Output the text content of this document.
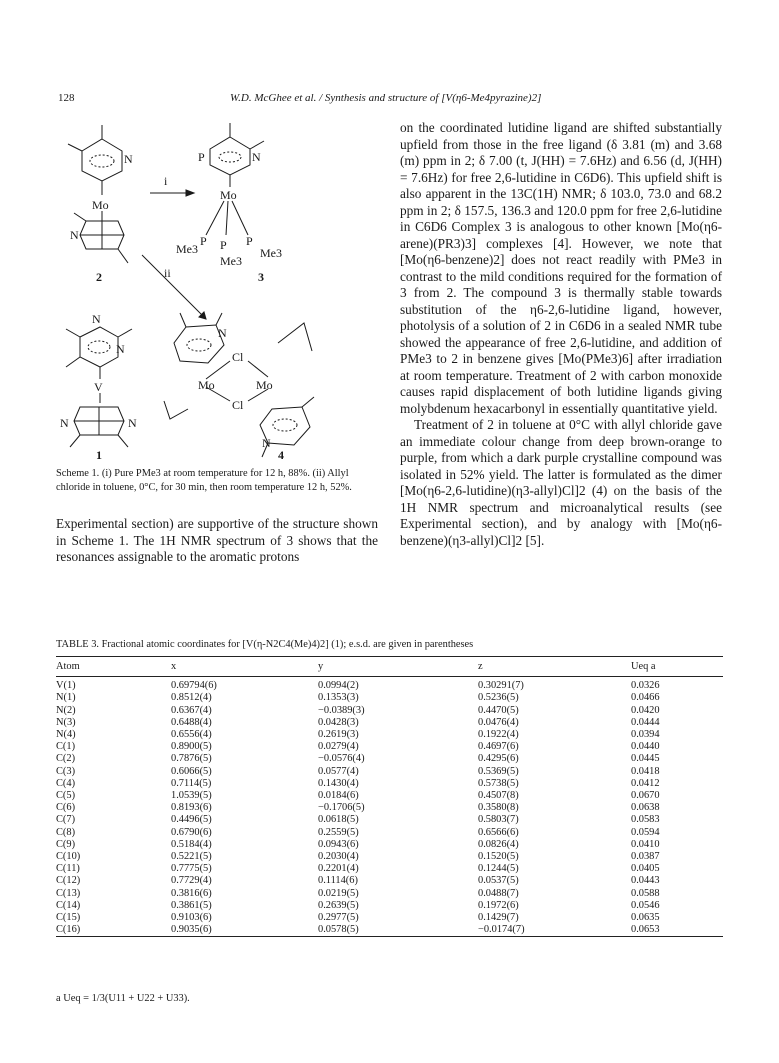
128	W.D. McGhee et al. / Synthesis and structure of [V(η6-Me4pyrazine)2]
N
Mo
N
i
P	N
Mo
P P P
Me3
Me3
Me3
ii
N
N
V
N	N
N
Cl
Mo	Mo
Cl
N
2	3
1	4
Scheme 1. (i) Pure PMe3 at room temperature for 12 h, 88%. (ii) Allyl chloride in toluene, 0°C, for 30 min, then room temperature 12 h, 52%.
Experimental section) are supportive of the structure shown in Scheme 1. The 1H NMR spectrum of 3 shows that the resonances assignable to the aromatic protons

on the coordinated lutidine ligand are shifted substantially upfield from those in the free ligand (δ 3.81 (m) and 3.68 (m) ppm in 2; δ 7.00 (t, J(HH) = 7.6Hz) and 6.56 (d, J(HH) = 7.6Hz) for free 2,6-lutidine in C6D6). This upfield shift is also apparent in the 13C(1H) NMR; δ 103.0, 73.0 and 68.2 ppm in 2; δ 157.5, 136.3 and 120.0 ppm for free 2,6-lutidine in C6D6 Complex 3 is analogous to other known [Mo(η6-arene)(PR3)3] complexes [4]. However, we note that [Mo(η6-benzene)2] does not react readily with PMe3 in contrast to the mild conditions required for the formation of 3 from 2. The compound 3 is thermally stable towards substitution of the η6-2,6-lutidine ligand, however, photolysis of a solution of 2 in C6D6 in a sealed NMR tube showed the appearance of free 2,6-lutidine, and addition of PMe3 to 2 in benzene gives [Mo(PMe3)6] after irradiation at room temperature. Treatment of 2 with carbon monoxide causes rapid displacement of both lutidine ligands giving molybdenum hexacarbonyl in essentially quantitative yield.

Treatment of 2 in toluene at 0°C with allyl chloride gave an immediate colour change from deep brown-orange to purple, from which a dark purple crystalline compound was isolated in 52% yield. The latter is formulated as the dimer [Mo(η6-2,6-lutidine)(η3-allyl)Cl]2 (4) on the basis of the 1H NMR spectrum and microanalytical results (see Experimental section), and by analogy with [Mo(η6-benzene)(η3-allyl)Cl]2 [5].

TABLE 3. Fractional atomic coordinates for [V(η-N2C4(Me)4)2] (1); e.s.d. are given in parentheses
Atom	x	y	z	Ueq a
V(1)	0.69794(6)	0.0994(2)	0.30291(7)	0.0326
N(1)	0.8512(4)	0.1353(3)	0.5236(5)	0.0466
N(2)	0.6367(4)	−0.0389(3)	0.4470(5)	0.0420
N(3)	0.6488(4)	0.0428(3)	0.0476(4)	0.0444
N(4)	0.6556(4)	0.2619(3)	0.1922(4)	0.0394
C(1)	0.8900(5)	0.0279(4)	0.4697(6)	0.0440
C(2)	0.7876(5)	−0.0576(4)	0.4295(6)	0.0445
C(3)	0.6066(5)	0.0577(4)	0.5369(5)	0.0418
C(4)	0.7114(5)	0.1430(4)	0.5738(5)	0.0412
C(5)	1.0539(5)	0.0184(6)	0.4507(8)	0.0670
C(6)	0.8193(6)	−0.1706(5)	0.3580(8)	0.0638
C(7)	0.4496(5)	0.0618(5)	0.5803(7)	0.0583
C(8)	0.6790(6)	0.2559(5)	0.6566(6)	0.0594
C(9)	0.5184(4)	0.0943(6)	0.0826(4)	0.0410
C(10)	0.5221(5)	0.2030(4)	0.1520(5)	0.0387
C(11)	0.7775(5)	0.2201(4)	0.1244(5)	0.0405
C(12)	0.7729(4)	0.1114(6)	0.0537(5)	0.0443
C(13)	0.3816(6)	0.0219(5)	0.0488(7)	0.0588
C(14)	0.3861(5)	0.2639(5)	0.1972(6)	0.0546
C(15)	0.9103(6)	0.2977(5)	0.1429(7)	0.0635
C(16)	0.9035(6)	0.0578(5)	−0.0174(7)	0.0653
a Ueq = 1/3(U11 + U22 + U33).
